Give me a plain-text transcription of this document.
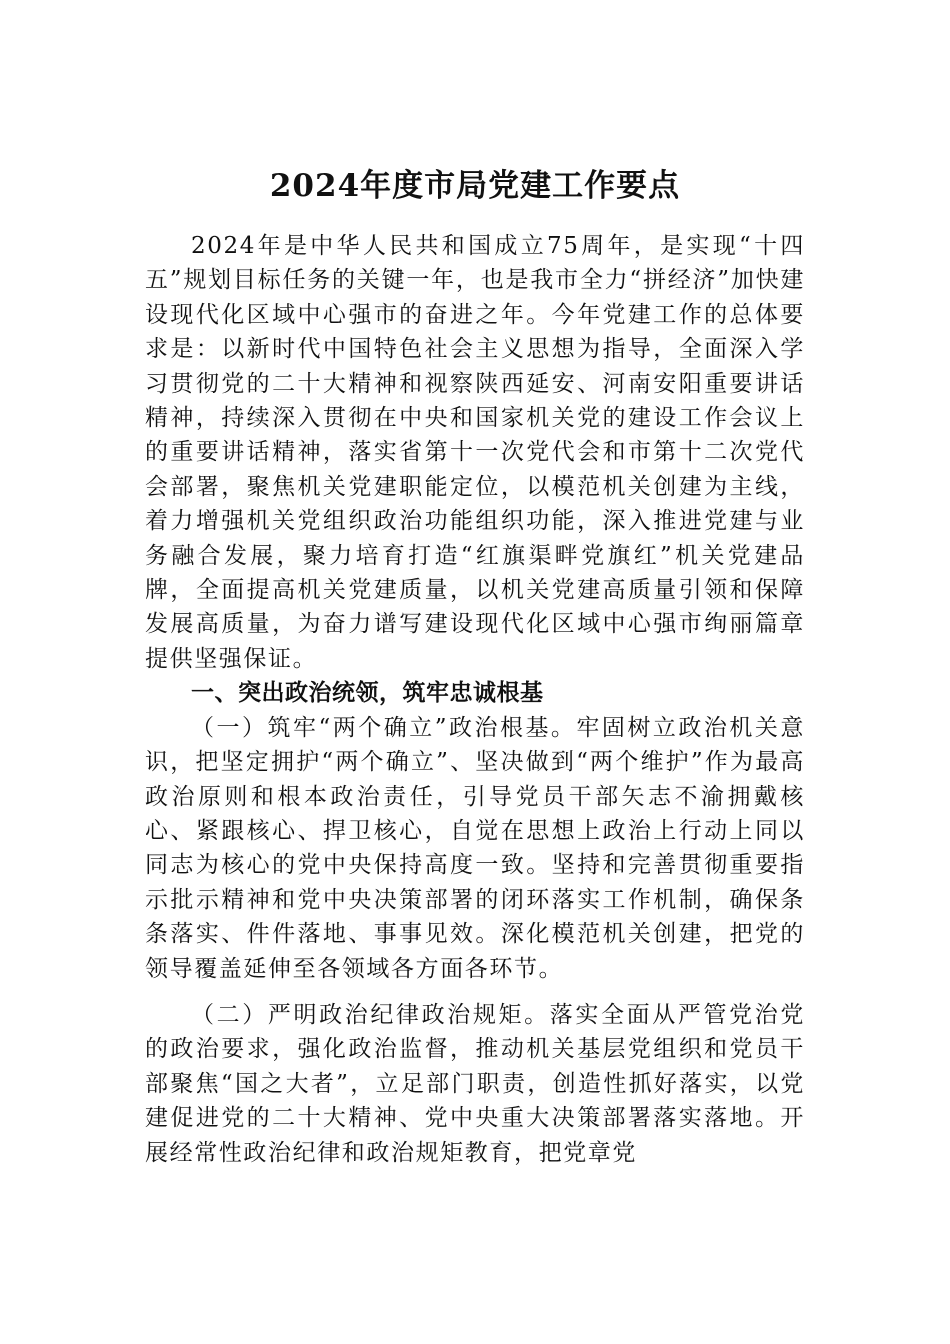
2024年度市局党建工作要点

2024年是中华人民共和国成立75周年，是实现“十四五”规划目标任务的关键一年，也是我市全力“拼经济”加快建设现代化区域中心强市的奋进之年。今年党建工作的总体要求是：以新时代中国特色社会主义思想为指导，全面深入学习贯彻党的二十大精神和视察陕西延安、河南安阳重要讲话精神，持续深入贯彻在中央和国家机关党的建设工作会议上的重要讲话精神，落实省第十一次党代会和市第十二次党代会部署，聚焦机关党建职能定位，以模范机关创建为主线，着力增强机关党组织政治功能组织功能，深入推进党建与业务融合发展，聚力培育打造“红旗渠畔党旗红”机关党建品牌，全面提高机关党建质量，以机关党建高质量引领和保障发展高质量，为奋力谱写建设现代化区域中心强市绚丽篇章提供坚强保证。

一、突出政治统领，筑牢忠诚根基

（一）筑牢“两个确立”政治根基。牢固树立政治机关意识，把坚定拥护“两个确立”、坚决做到“两个维护”作为最高政治原则和根本政治责任，引导党员干部矢志不渝拥戴核心、紧跟核心、捍卫核心，自觉在思想上政治上行动上同以同志为核心的党中央保持高度一致。坚持和完善贯彻重要指示批示精神和党中央决策部署的闭环落实工作机制，确保条条落实、件件落地、事事见效。深化模范机关创建，把党的领导覆盖延伸至各领域各方面各环节。

（二）严明政治纪律政治规矩。落实全面从严管党治党的政治要求，强化政治监督，推动机关基层党组织和党员干部聚焦“国之大者”，立足部门职责，创造性抓好落实，以党建促进党的二十大精神、党中央重大决策部署落实落地。开展经常性政治纪律和政治规矩教育，把党章党
